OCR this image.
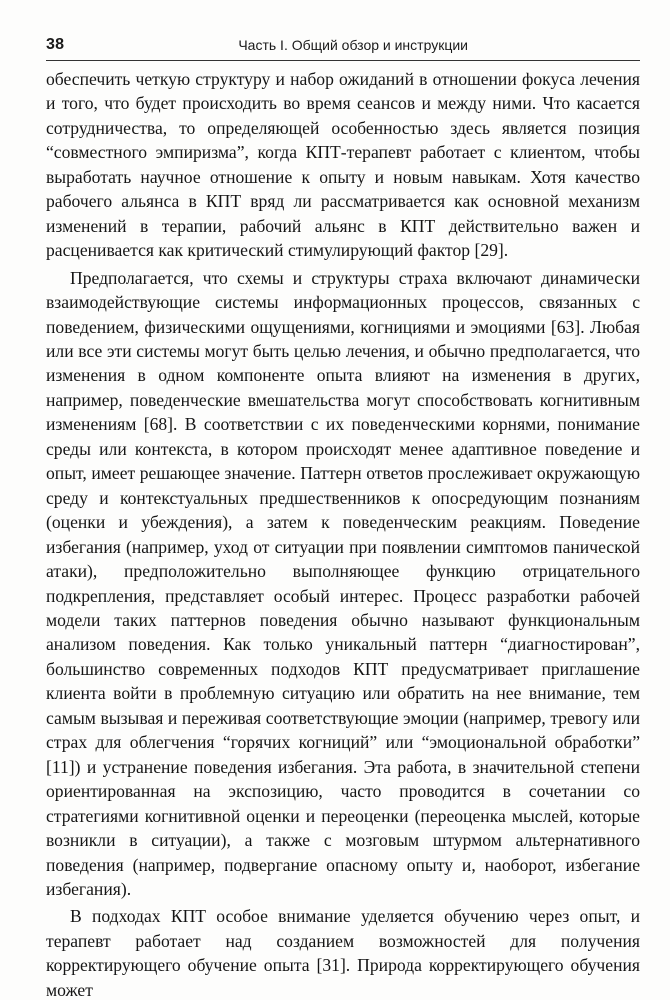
38	Часть I. Общий обзор и инструкции

обеспечить четкую структуру и набор ожиданий в отношении фокуса лечения и того, что будет происходить во время сеансов и между ними. Что касается сотрудничества, то определяющей особенностью здесь является позиция “совместного эмпиризма”, когда КПТ-терапевт работает с клиентом, чтобы выработать научное отношение к опыту и новым навыкам. Хотя качество рабочего альянса в КПТ вряд ли рассматривается как основной механизм изменений в терапии, рабочий альянс в КПТ действительно важен и расценивается как критический стимулирующий фактор [29].

Предполагается, что схемы и структуры страха включают динамически взаимодействующие системы информационных процессов, связанных с поведением, физическими ощущениями, когнициями и эмоциями [63]. Любая или все эти системы могут быть целью лечения, и обычно предполагается, что изменения в одном компоненте опыта влияют на изменения в других, например, поведенческие вмешательства могут способствовать когнитивным изменениям [68]. В соответствии с их поведенческими корнями, понимание среды или контекста, в котором происходят менее адаптивное поведение и опыт, имеет решающее значение. Паттерн ответов прослеживает окружающую среду и контекстуальных предшественников к опосредующим познаниям (оценки и убеждения), а затем к поведенческим реакциям. Поведение избегания (например, уход от ситуации при появлении симптомов панической атаки), предположительно выполняющее функцию отрицательного подкрепления, представляет особый интерес. Процесс разработки рабочей модели таких паттернов поведения обычно называют функциональным анализом поведения. Как только уникальный паттерн “диагностирован”, большинство современных подходов КПТ предусматривает приглашение клиента войти в проблемную ситуацию или обратить на нее внимание, тем самым вызывая и переживая соответствующие эмоции (например, тревогу или страх для облегчения “горячих когниций” или “эмоциональной обработки” [11]) и устранение поведения избегания. Эта работа, в значительной степени ориентированная на экспозицию, часто проводится в сочетании со стратегиями когнитивной оценки и переоценки (переоценка мыслей, которые возникли в ситуации), а также с мозговым штурмом альтернативного поведения (например, подвергание опасному опыту и, наоборот, избегание избегания).

В подходах КПТ особое внимание уделяется обучению через опыт, и терапевт работает над созданием возможностей для получения корректирующего обучение опыта [31]. Природа корректирующего обучения может
